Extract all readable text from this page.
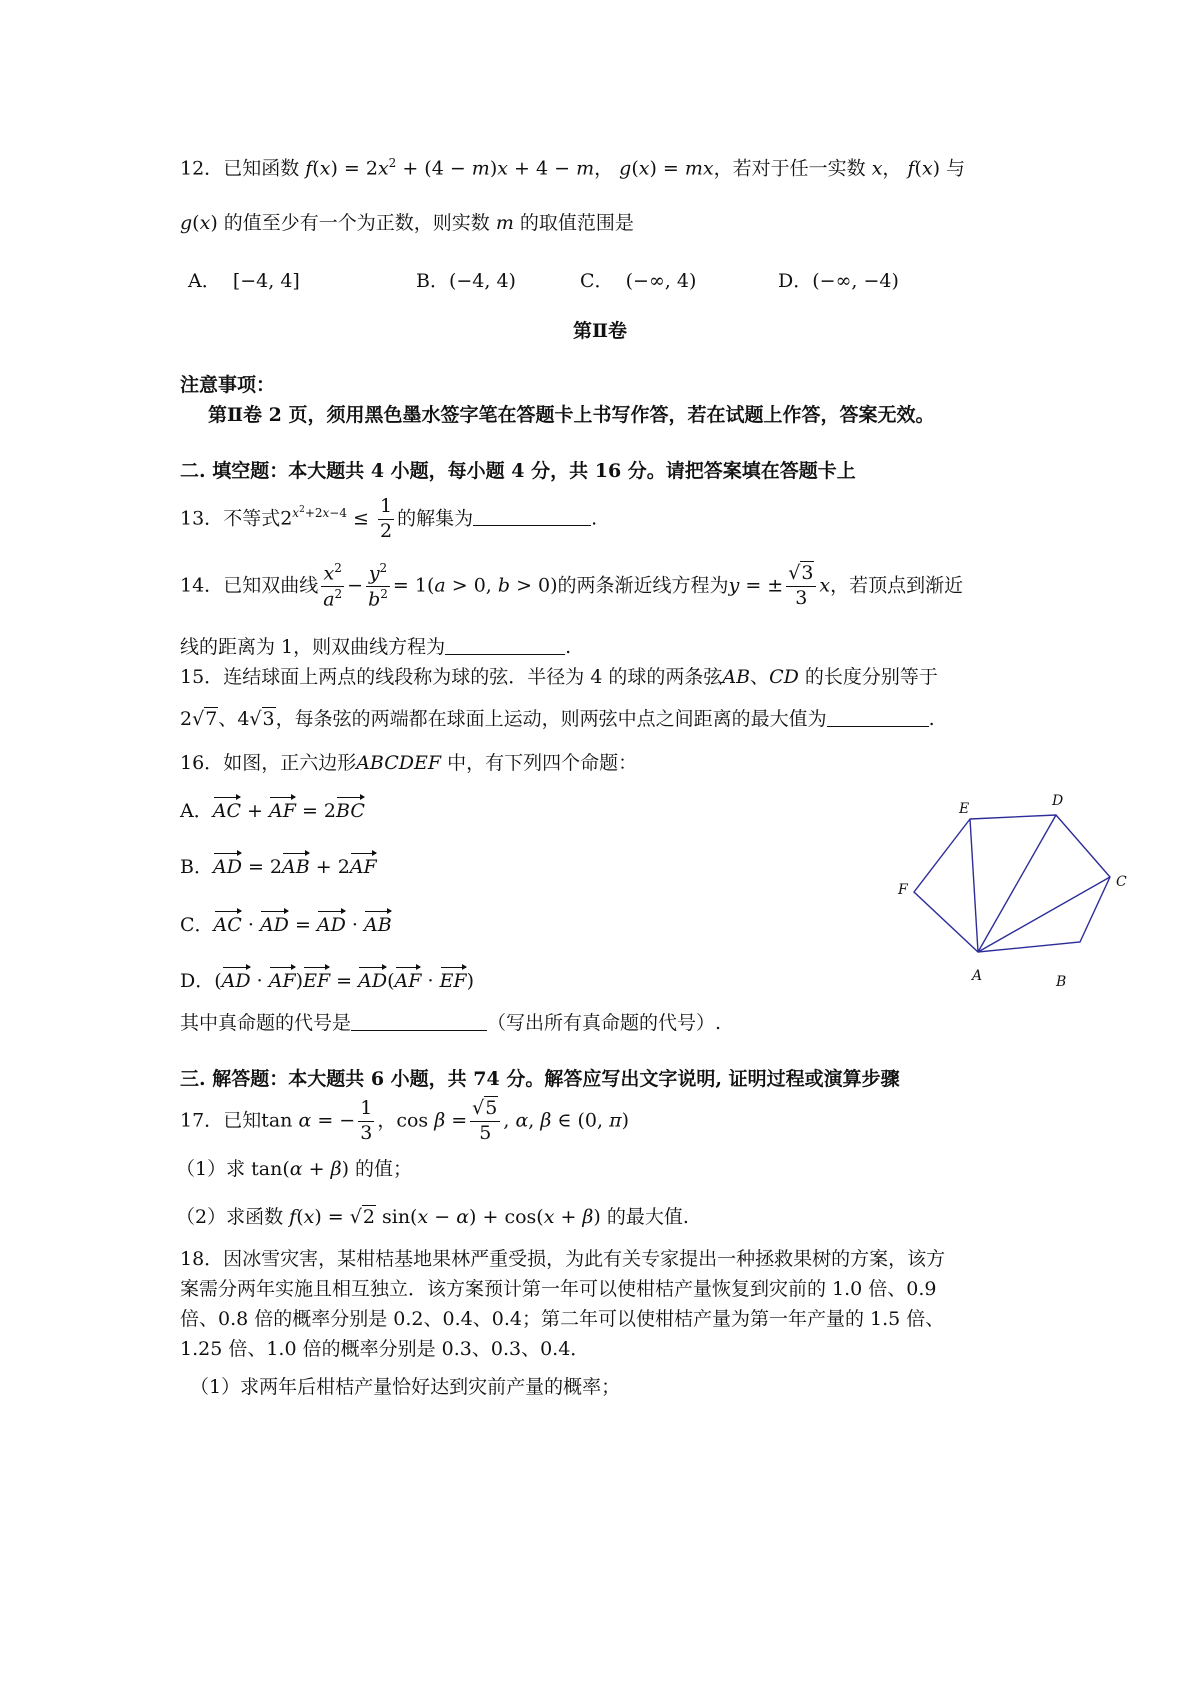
12．已知函数 $f(x) = 2x^2 + (4 - m)x + 4 - m$， g(x) = mx，若对于任一实数 x， f(x) 与
g(x) 的值至少有一个为正数，则实数 m 的取值范围是
A． [−4, 4]	B．(−4, 4)	C． (−∞, 4)	D．(−∞, −4)
第Ⅱ卷
注意事项：
第Ⅱ卷 2 页，须用黑色墨水签字笔在答题卡上书写作答，若在试题上作答，答案无效。
二. 填空题：本大题共 4 小题，每小题 4 分，共 16 分。请把答案填在答题卡上
13．不等式$2^{x^2+2x-4} \le \frac{1}{2}$ 的解集为	.
14．已知双曲线 $\frac{x^2}{a^2} - \frac{y^2}{b^2} = 1(a > 0$, b > 0)的两条渐近线方程为y = ± $\frac{√3}{3}$ x，若顶点到渐近
线的距离为 1，则双曲线方程为	.
15．连结球面上两点的线段称为球的弦．半径为 4 的球的两条弦AB、CD 的长度分别等于
2√7、4√3，每条弦的两端都在球面上运动，则两弦中点之间距离的最大值为	.
16．如图，正六边形ABCDEF 中，有下列四个命题：
A．AC + AF = 2BC
B．AD = 2AB + 2AF
C．AC · AD = AD · AB
D．(AD · AF)EF = AD(AF · EF)
其中真命题的代号是	（写出所有真命题的代号）.
E	D
F	C
A	B
三. 解答题：本大题共 6 小题，共 74 分。解答应写出文字说明, 证明过程或演算步骤
17．已知tan α = − $\frac{1}{3}$ ，$\cos \beta = \frac{√5}{5}$ , α, β ∈ (0, π)
（1）求 tan(α + β) 的值；
（2）求函数 f(x) = √2 sin(x − α) + cos(x + β) 的最大值.
18．因冰雪灾害，某柑桔基地果林严重受损，为此有关专家提出一种拯救果树的方案，该方
案需分两年实施且相互独立．该方案预计第一年可以使柑桔产量恢复到灾前的 1.0 倍、0.9
倍、0.8 倍的概率分别是 0.2、0.4、0.4；第二年可以使柑桔产量为第一年产量的 1.5 倍、
1.25 倍、1.0 倍的概率分别是 0.3、0.3、0.4．
（1）求两年后柑桔产量恰好达到灾前产量的概率；
